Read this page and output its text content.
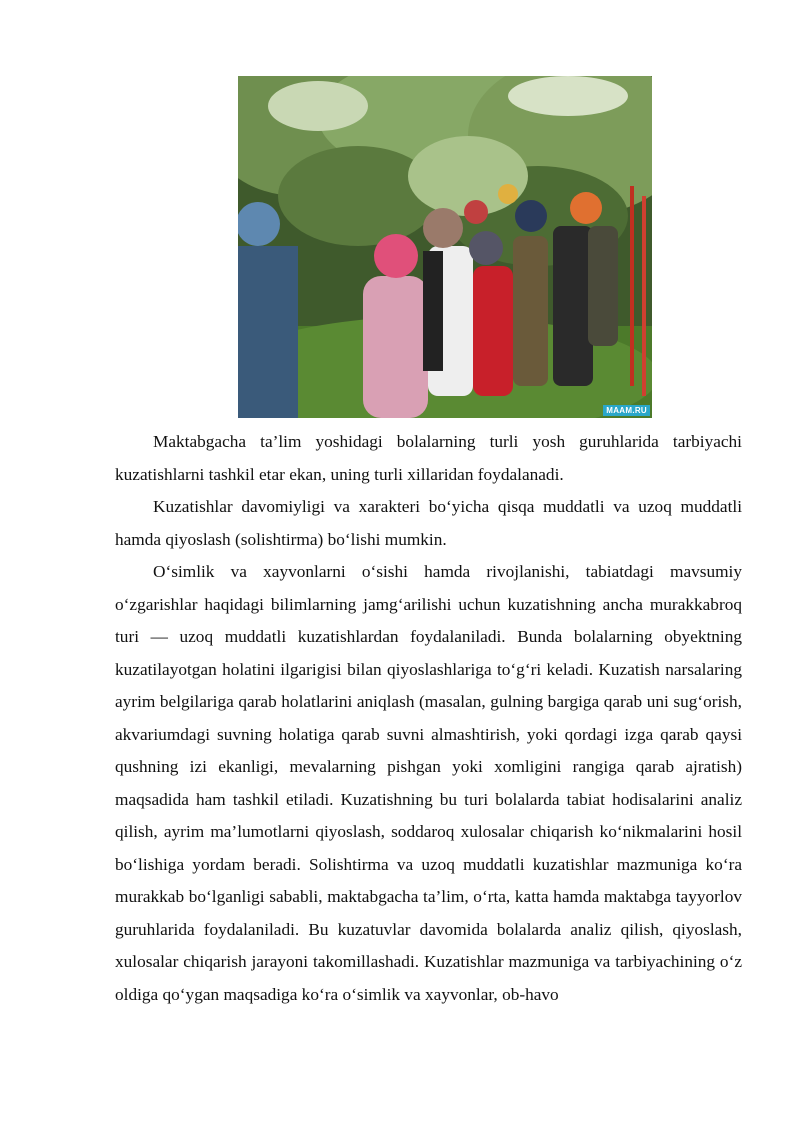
MAAM.RU

Maktabgacha ta’lim yoshidagi bolalarning turli yosh guruhlarida tarbiyachi kuzatishlarni tashkil etar ekan, uning turli xillaridan foydalanadi.

Kuzatishlar davomiyligi va xarakteri bo‘yicha qisqa muddatli va uzoq muddatli hamda qiyoslash (solishtirma) bo‘lishi mumkin.

O‘simlik va xayvonlarni o‘sishi hamda rivojlanishi, tabiatdagi mavsumiy o‘zgarishlar haqidagi bilimlarning jamg‘arilishi uchun kuzatishning ancha murakkabroq turi — uzoq muddatli kuzatishlardan foydalaniladi. Bunda bolalarning obyektning kuzatilayotgan holatini ilgarigisi bilan qiyoslashlariga to‘g‘ri keladi. Kuzatish narsalaring ayrim belgilariga qarab holatlarini aniqlash (masalan, gulning bargiga qarab uni sug‘orish, akvariumdagi suvning holatiga qarab suvni almashtirish, yoki qordagi izga qarab qaysi qushning izi ekanligi, mevalarning pishgan yoki xomligini rangiga qarab ajratish) maqsadida ham tashkil etiladi. Kuzatishning bu turi bolalarda tabiat hodisalarini analiz qilish, ayrim ma’lumotlarni qiyoslash, soddaroq xulosalar chiqarish ko‘nikmalarini hosil bo‘lishiga yordam beradi. Solishtirma va uzoq muddatli kuzatishlar mazmuniga ko‘ra murakkab bo‘lganligi sababli, maktabgacha ta’lim, o‘rta, katta hamda maktabga tayyorlov guruhlarida foydalaniladi. Bu kuzatuvlar davomida bolalarda analiz qilish, qiyoslash, xulosalar chiqarish jarayoni takomillashadi. Kuzatishlar mazmuniga va tarbiyachining o‘z oldiga qo‘ygan maqsadiga ko‘ra o‘simlik va xayvonlar, ob-havo
